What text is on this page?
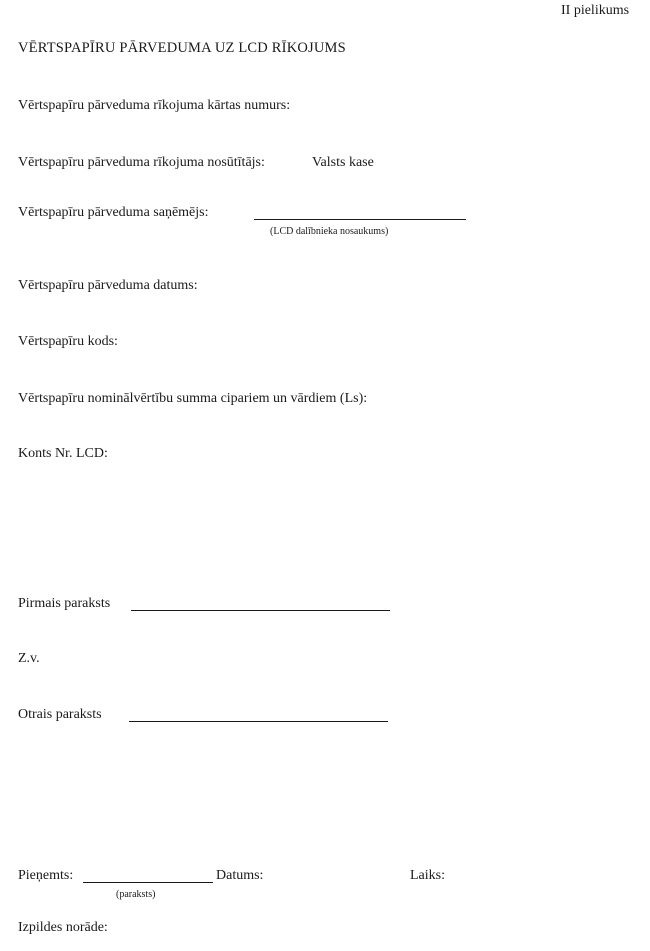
II pielikums
VĒRTSPAPĪRU PĀRVEDUMA UZ LCD RĪKOJUMS
Vērtspapīru pārveduma rīkojuma kārtas numurs:
Vērtspapīru pārveduma rīkojuma nosūtītājs:	Valsts kase
Vērtspapīru pārveduma saņēmējs:
(LCD dalībnieka nosaukums)
Vērtspapīru pārveduma datums:
Vērtspapīru kods:
Vērtspapīru nominālvērtību summa cipariem un vārdiem (Ls):
Konts Nr. LCD:
Pirmais paraksts
Z.v.
Otrais paraksts
Pieņemts:
(paraksts)
Datums:	Laiks:
Izpildes norāde:
